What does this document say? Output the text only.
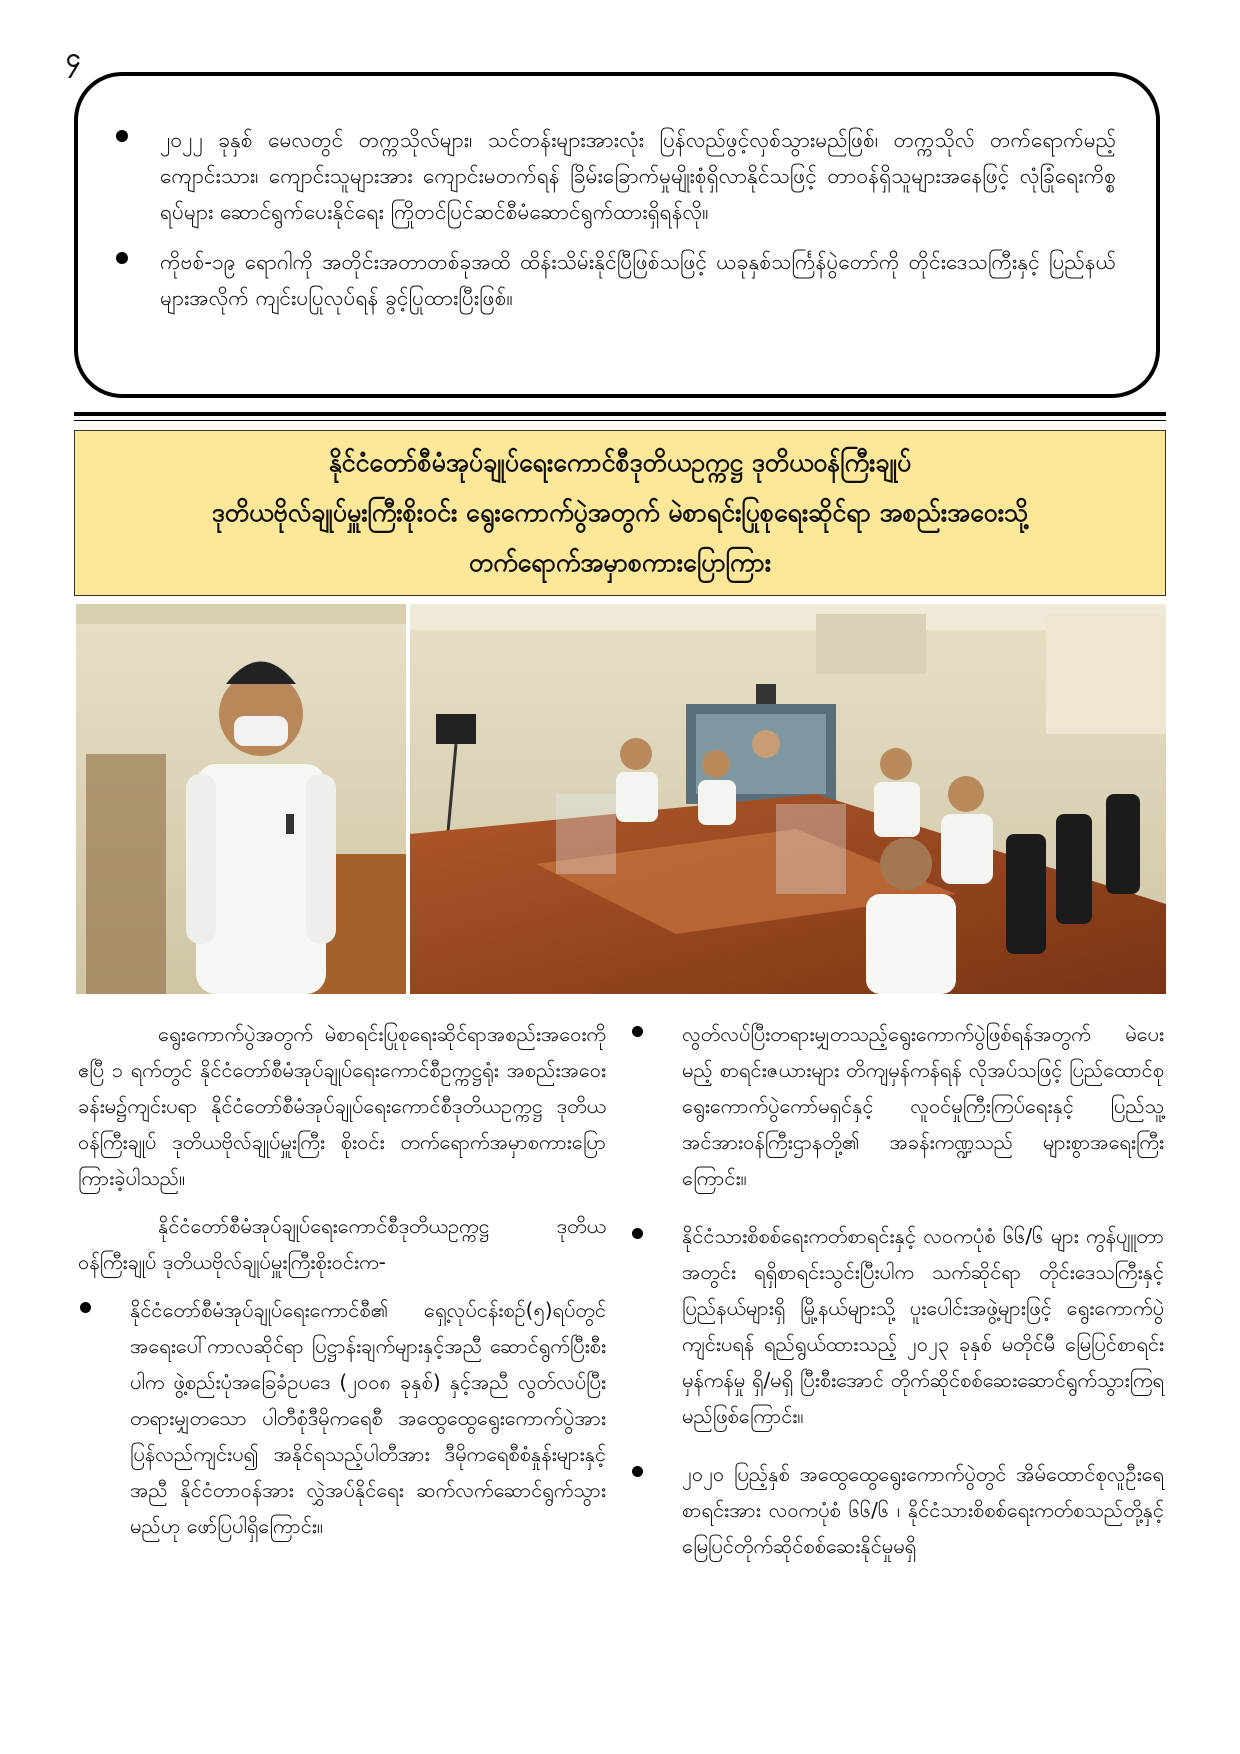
၄
၂၀၂၂ ခုနှစ် မေလတွင် တက္ကသိုလ်များ၊ သင်တန်းများအားလုံး ပြန်လည်ဖွင့်လှစ်သွားမည်ဖြစ်၊ တက္ကသိုလ် တက်ရောက်မည့် ကျောင်းသား၊ ကျောင်းသူများအား ကျောင်းမတက်ရန် ခြိမ်းခြောက်မှုမျိုးစုံရှိလာနိုင်သဖြင့် တာဝန်ရှိသူများအနေဖြင့် လုံခြုံရေးကိစ္စရပ်များ ဆောင်ရွက်ပေးနိုင်ရေး ကြိုတင်ပြင်ဆင်စီမံဆောင်ရွက်ထားရှိရန်လို။
ကိုဗစ်-၁၉ ရောဂါကို အတိုင်းအတာတစ်ခုအထိ ထိန်းသိမ်းနိုင်ပြီဖြစ်သဖြင့် ယခုနှစ်သင်္ကြန်ပွဲတော်ကို တိုင်းဒေသကြီးနှင့် ပြည်နယ်များအလိုက် ကျင်းပပြုလုပ်ရန် ခွင့်ပြုထားပြီးဖြစ်။
နိုင်ငံတော်စီမံအုပ်ချုပ်ရေးကောင်စီဒုတိယဥက္ကဋ္ဌ ဒုတိယဝန်ကြီးချုပ်
ဒုတိယဗိုလ်ချုပ်မှူးကြီးစိုးဝင်း ရွေးကောက်ပွဲအတွက် မဲစာရင်းပြုစုရေးဆိုင်ရာ အစည်းအဝေးသို့
တက်ရောက်အမှာစကားပြောကြား

ရွေးကောက်ပွဲအတွက် မဲစာရင်းပြုစုရေးဆိုင်ရာအစည်းအဝေးကို ဧပြီ ၁ ရက်တွင် နိုင်ငံတော်စီမံအုပ်ချုပ်ရေးကောင်စီဥက္ကဋ္ဌရုံး အစည်းအဝေးခန်းမ၌ကျင်းပရာ နိုင်ငံတော်စီမံအုပ်ချုပ်ရေးကောင်စီဒုတိယဥက္ကဋ္ဌ ဒုတိယဝန်ကြီးချုပ် ဒုတိယဗိုလ်ချုပ်မှူးကြီး စိုးဝင်း တက်ရောက်အမှာစကားပြောကြားခဲ့ပါသည်။

နိုင်ငံတော်စီမံအုပ်ချုပ်ရေးကောင်စီဒုတိယဥက္ကဋ္ဌ ဒုတိယဝန်ကြီးချုပ် ဒုတိယဗိုလ်ချုပ်မှူးကြီးစိုးဝင်းက-

နိုင်ငံတော်စီမံအုပ်ချုပ်ရေးကောင်စီ၏ ရှေ့လုပ်ငန်းစဉ်(၅)ရပ်တွင် အရေးပေါ်ကာလဆိုင်ရာ ပြဋ္ဌာန်းချက်များနှင့်အညီ ဆောင်ရွက်ပြီးစီးပါက ဖွဲ့စည်းပုံအခြေခံဥပဒေ (၂၀၀၈ ခုနှစ်) နှင့်အညီ လွတ်လပ်ပြီးတရားမျှတသော ပါတီစုံဒီမိုကရေစီ အထွေထွေရွေးကောက်ပွဲအား ပြန်လည်ကျင်းပ၍ အနိုင်ရသည့်ပါတီအား ဒီမိုကရေစီစံနှုန်းများနှင့်အညီ နိုင်ငံတာဝန်အား လွှဲအပ်နိုင်ရေး ဆက်လက်ဆောင်ရွက်သွားမည်ဟု ဖော်ပြပါရှိကြောင်း။
လွတ်လပ်ပြီးတရားမျှတသည့်ရွေးကောက်ပွဲဖြစ်ရန်အတွက် မဲပေးမည့် စာရင်းဇယားများ တိကျမှန်ကန်ရန် လိုအပ်သဖြင့် ပြည်ထောင်စုရွေးကောက်ပွဲကော်မရှင်နှင့် လူဝင်မှုကြီးကြပ်ရေးနှင့် ပြည်သူ့အင်အားဝန်ကြီးဌာနတို့၏ အခန်းကဏ္ဍသည် များစွာအရေးကြီးကြောင်း။
နိုင်ငံသားစိစစ်ရေးကတ်စာရင်းနှင့် လဝကပုံစံ ၆၆/၆ များ ကွန်ပျူတာအတွင်း ရရှိစာရင်းသွင်းပြီးပါက သက်ဆိုင်ရာ တိုင်းဒေသကြီးနှင့် ပြည်နယ်များရှိ မြို့နယ်များသို့ ပူးပေါင်းအဖွဲ့များဖြင့် ရွေးကောက်ပွဲကျင်းပရန် ရည်ရွယ်ထားသည့် ၂၀၂၃ ခုနှစ် မတိုင်မီ မြေပြင်စာရင်းမှန်ကန်မှု ရှိ/မရှိ ပြီးစီးအောင် တိုက်ဆိုင်စစ်ဆေးဆောင်ရွက်သွားကြရမည်ဖြစ်ကြောင်း။
၂၀၂၀ ပြည့်နှစ် အထွေထွေရွေးကောက်ပွဲတွင် အိမ်ထောင်စုလူဦးရေစာရင်းအား လဝကပုံစံ ၆၆/၆ ၊ နိုင်ငံသားစိစစ်ရေးကတ်စသည်တို့နှင့် မြေပြင်တိုက်ဆိုင်စစ်ဆေးနိုင်မှုမရှိ
